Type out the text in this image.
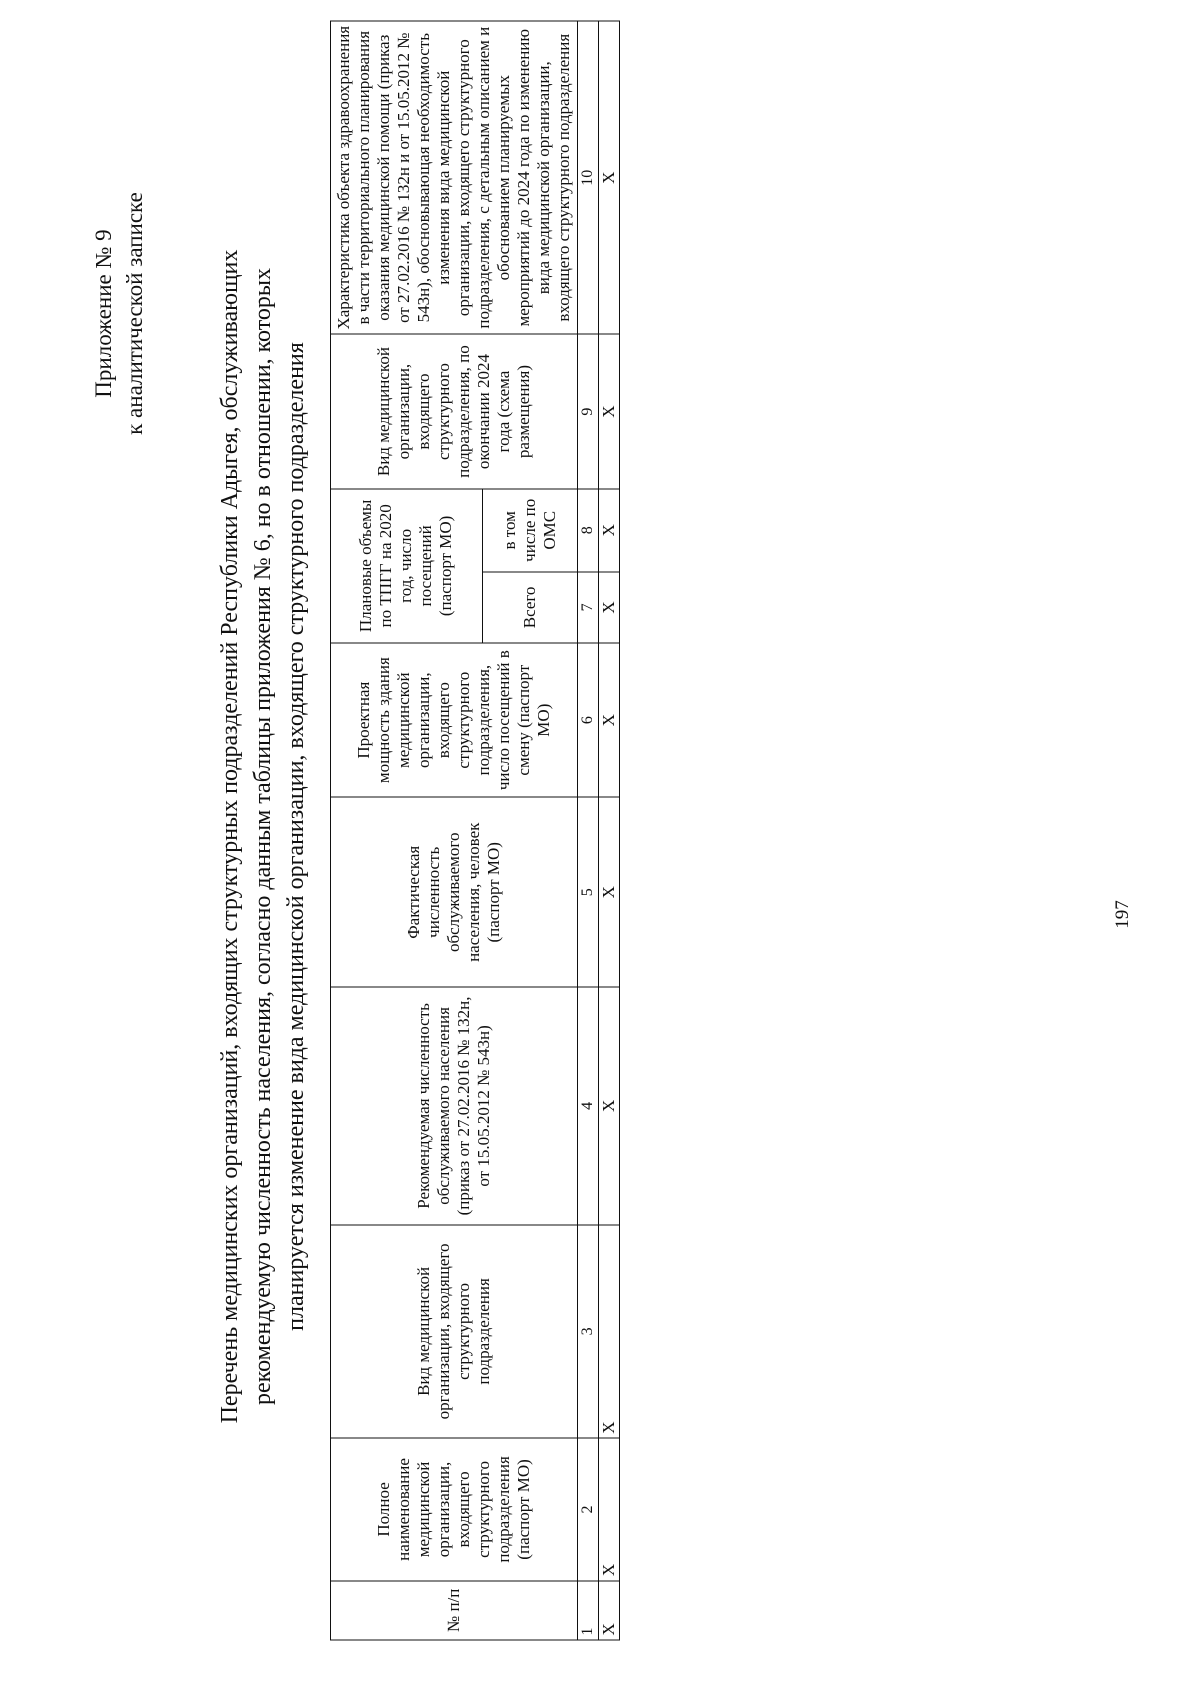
197
Приложение № 9 к аналитической записке	Перечень медицинских организаций, входящих структурных подразделений Республики Адыгея, обслуживающих рекомендуемую численность населения, согласно данным таблицы приложения № 6, но в отношении, которых планируется изменение вида медицинской организации, входящего структурного подразделения
№ п/п	Полное наименование медицинской организации, входящего структурного подразделения (паспорт МО)	Вид медицинской организации, входящего структурного подразделения	Рекомендуемая численность обслуживаемого населения (приказ от 27.02.2016 № 132н, от 15.05.2012 № 543н)	Фактическая численность обслуживаемого населения, человек (паспорт МО)	Проектная мощность здания медицинской организации, входящего структурного подразделения, число посещений в смену (паспорт МО)	Плановые объемы по ТПГГ на 2020 год, число посещений (паспорт МО)		Вид медицинской организации, входящего структурного подразделения, по окончании 2024 года (схема размещения)	Характеристика объекта здравоохранения в части территориального планирования оказания медицинской помощи (приказ от 27.02.2016 № 132н и от 15.05.2012 № 543н), обосновывающая необходимость изменения вида медицинской организации, входящего структурного подразделения, с детальным описанием и обоснованием планируемых мероприятий до 2024 года по изменению вида медицинской организации, входящего структурного подразделения
						Всего	в том числе по ОМС		
1	2	3	4	5	6	7	8	9	10
Х	Х	Х	Х	Х	Х	Х	Х	Х	Х
